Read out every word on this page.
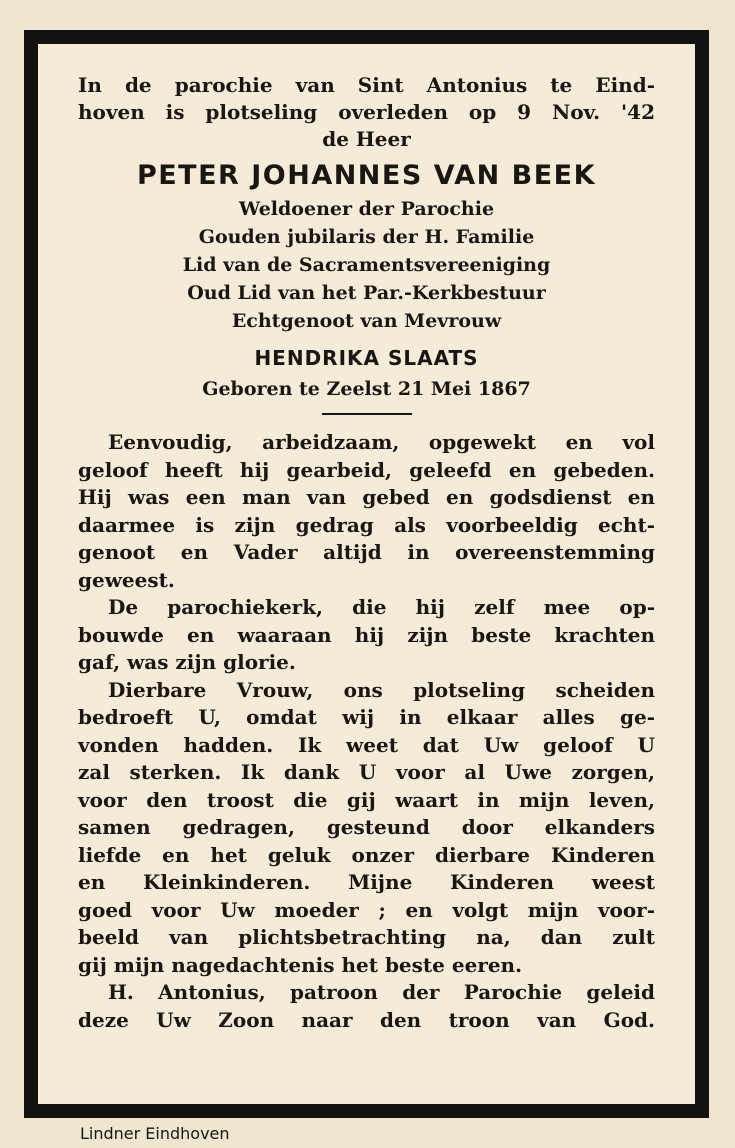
In de parochie van Sint Antonius te Eind-
hoven is plotseling overleden op 9 Nov. '42
de Heer

PETER JOHANNES VAN BEEK

Weldoener der Parochie

Gouden jubilaris der H. Familie

Lid van de Sacramentsvereeniging

Oud Lid van het Par.-Kerkbestuur

Echtgenoot van Mevrouw

HENDRIKA SLAATS

Geboren te Zeelst 21 Mei 1867

Eenvoudig, arbeidzaam, opgewekt en vol
geloof heeft hij gearbeid, geleefd en gebeden.
Hij was een man van gebed en godsdienst en
daarmee is zijn gedrag als voorbeeldig echt-
genoot en Vader altijd in overeenstemming
geweest.
De parochiekerk, die hij zelf mee op-
bouwde en waaraan hij zijn beste krachten
gaf, was zijn glorie.
Dierbare Vrouw, ons plotseling scheiden
bedroeft U, omdat wij in elkaar alles ge-
vonden hadden. Ik weet dat Uw geloof U
zal sterken. Ik dank U voor al Uwe zorgen,
voor den troost die gij waart in mijn leven,
samen gedragen, gesteund door elkanders
liefde en het geluk onzer dierbare Kinderen
en Kleinkinderen. Mijne Kinderen weest
goed voor Uw moeder ; en volgt mijn voor-
beeld van plichtsbetrachting na, dan zult
gij mijn nagedachtenis het beste eeren.
H. Antonius, patroon der Parochie geleid
deze Uw Zoon naar den troon van God.
Lindner Eindhoven
